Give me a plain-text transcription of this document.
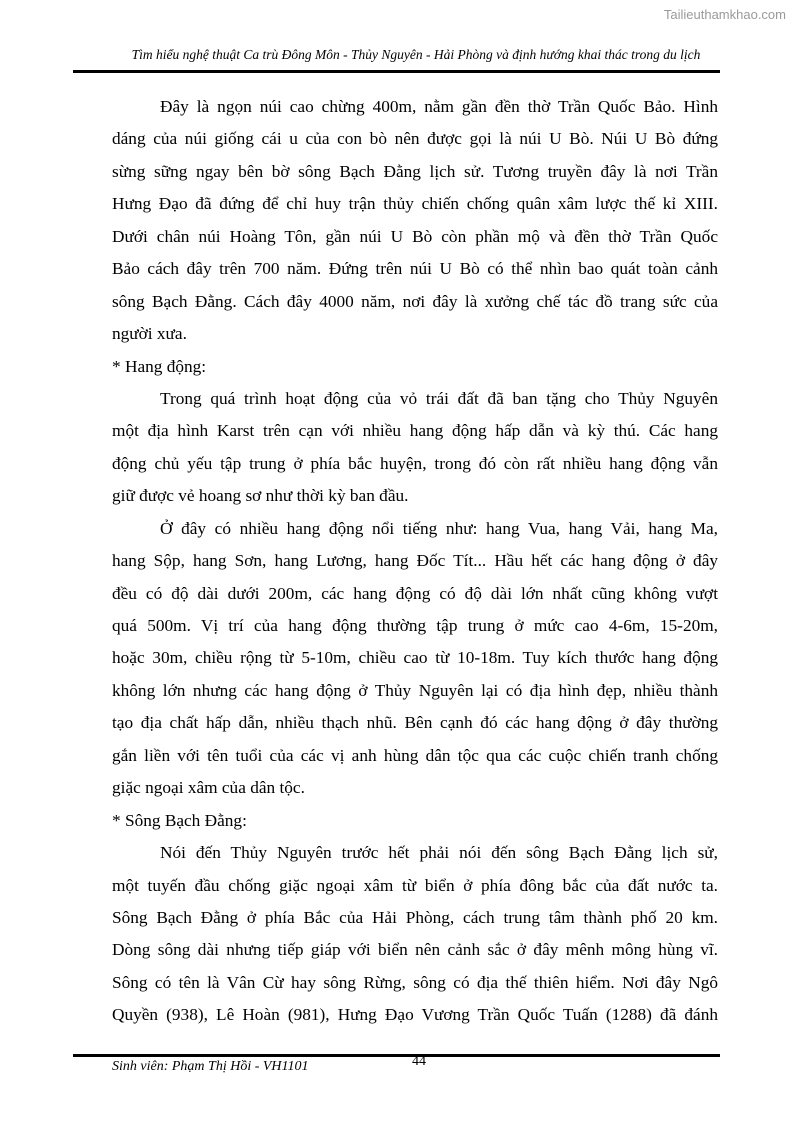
Tailieuthamkhao.com
Tìm hiểu nghệ thuật Ca trù Đông Môn - Thủy Nguyên - Hải Phòng và định hướng khai thác trong du lịch
Đây là ngọn núi cao chừng 400m, nằm gần đền thờ Trần Quốc Bảo. Hình
dáng của núi giống cái u của con bò nên được gọi là núi U Bò. Núi U Bò đứng
sừng sững ngay bên bờ sông Bạch Đằng lịch sử. Tương truyền đây là nơi Trần
Hưng Đạo đã đứng để chỉ huy trận thủy chiến chống quân xâm lược thế kỉ XIII.
Dưới chân núi Hoàng Tôn, gần núi U Bò còn phần mộ và đền thờ Trần Quốc
Bảo cách đây trên 700 năm. Đứng trên núi U Bò có thể nhìn bao quát toàn cảnh
sông Bạch Đằng. Cách đây 4000 năm, nơi đây là xưởng chế tác đồ trang sức của
người xưa.
* Hang động:
Trong quá trình hoạt động của vỏ trái đất đã ban tặng cho Thủy Nguyên
một địa hình Karst trên cạn với nhiều hang động hấp dẫn và kỳ thú. Các hang
động chủ yếu tập trung ở phía bắc huyện, trong đó còn rất nhiều hang động vẫn
giữ được vẻ hoang sơ như thời kỳ ban đầu.
Ở đây có nhiều hang động nổi tiếng như: hang Vua, hang Vải, hang Ma,
hang Sộp, hang Sơn, hang Lương, hang Đốc Tít... Hầu hết các hang động ở đây
đều có độ dài dưới 200m, các hang động có độ dài lớn nhất cũng không vượt
quá 500m. Vị trí của hang động thường tập trung ở mức cao 4-6m, 15-20m,
hoặc 30m, chiều rộng từ 5-10m, chiều cao từ 10-18m. Tuy kích thước hang động
không lớn nhưng các hang động ở Thủy Nguyên lại có địa hình đẹp, nhiều thành
tạo địa chất hấp dẫn, nhiều thạch nhũ. Bên cạnh đó các hang động ở đây thường
gắn liền với tên tuổi của các vị anh hùng dân tộc qua các cuộc chiến tranh chống
giặc ngoại xâm của dân tộc.
* Sông Bạch Đằng:
Nói đến Thủy Nguyên trước hết phải nói đến sông Bạch Đằng lịch sử,
một tuyến đầu chống giặc ngoại xâm từ biển ở phía đông bắc của đất nước ta.
Sông Bạch Đằng ở phía Bắc của Hải Phòng, cách trung tâm thành phố 20 km.
Dòng sông dài nhưng tiếp giáp với biển nên cảnh sắc ở đây mênh mông hùng vĩ.
Sông có tên là Vân Cừ hay sông Rừng, sông có địa thế thiên hiểm. Nơi đây Ngô
Quyền (938), Lê Hoàn (981), Hưng Đạo Vương Trần Quốc Tuấn (1288) đã đánh
Sinh viên: Phạm Thị Hồi - VH1101	44
